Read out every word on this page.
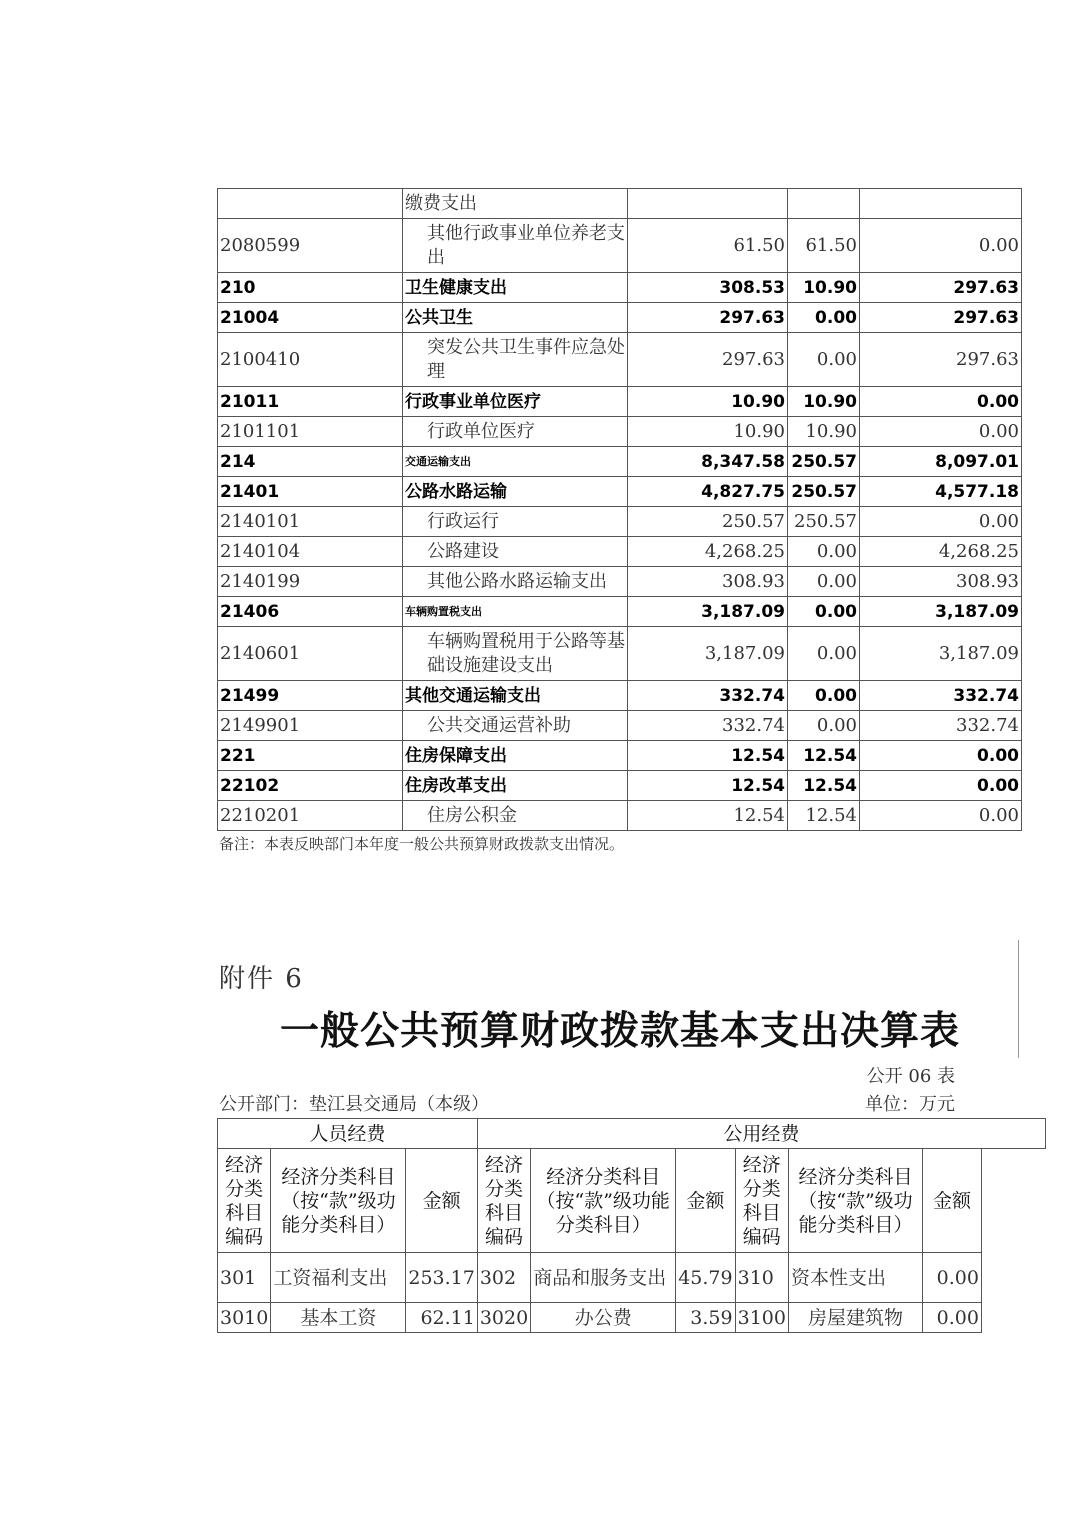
	缴费支出			
2080599	其他行政事业单位养老支出	61.50	61.50	0.00
210	卫生健康支出	308.53	10.90	297.63
21004	公共卫生	297.63	0.00	297.63
2100410	突发公共卫生事件应急处理	297.63	0.00	297.63
21011	行政事业单位医疗	10.90	10.90	0.00
2101101	行政单位医疗	10.90	10.90	0.00
214	交通运输支出	8,347.58	250.57	8,097.01
21401	公路水路运输	4,827.75	250.57	4,577.18
2140101	行政运行	250.57	250.57	0.00
2140104	公路建设	4,268.25	0.00	4,268.25
2140199	其他公路水路运输支出	308.93	0.00	308.93
21406	车辆购置税支出	3,187.09	0.00	3,187.09
2140601	车辆购置税用于公路等基础设施建设支出	3,187.09	0.00	3,187.09
21499	其他交通运输支出	332.74	0.00	332.74
2149901	公共交通运营补助	332.74	0.00	332.74
221	住房保障支出	12.54	12.54	0.00
22102	住房改革支出	12.54	12.54	0.00
2210201	住房公积金	12.54	12.54	0.00
备注：本表反映部门本年度一般公共预算财政拨款支出情况。
附件 6
一般公共预算财政拨款基本支出决算表
公开 06 表
公开部门：垫江县交通局（本级）	单位：万元
人员经费			公用经费						
经济分类科目编码	经济分类科目（按“款”级功能分类科目）	金额	经济分类科目编码	经济分类科目（按“款”级功能分类科目）	金额	经济分类科目编码	经济分类科目（按“款”级功能分类科目）	金额	
301	工资福利支出	253.17	302	商品和服务支出	45.79	310	资本性支出	0.00	
3010	基本工资	62.11	3020	办公费	3.59	3100	房屋建筑物	0.00	
